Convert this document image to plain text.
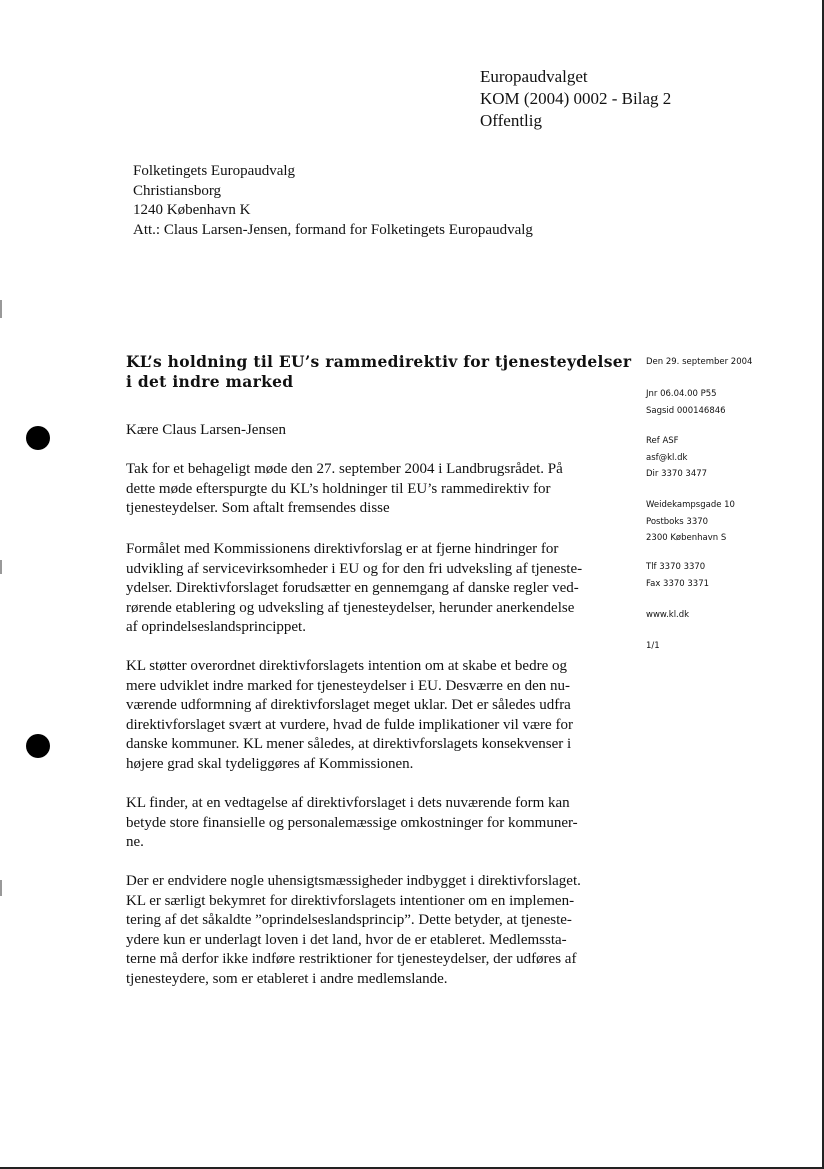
Europaudvalget
KOM (2004) 0002 - Bilag 2
Offentlig
Folketingets Europaudvalg
Christiansborg
1240 København K
Att.: Claus Larsen-Jensen, formand for Folketingets Europaudvalg
KL’s holdning til EU’s rammedirektiv for tjenesteydelser
i det indre marked
Kære Claus Larsen-Jensen
Tak for et behageligt møde den 27. september 2004 i Landbrugsrådet. På
dette møde efterspurgte du KL’s holdninger til EU’s rammedirektiv for
tjenesteydelser. Som aftalt fremsendes disse
Formålet med Kommissionens direktivforslag er at fjerne hindringer for
udvikling af servicevirksomheder i EU og for den fri udveksling af tjeneste-
ydelser. Direktivforslaget forudsætter en gennemgang af danske regler ved-
rørende etablering og udveksling af tjenesteydelser, herunder anerkendelse
af oprindelseslandsprincippet.
KL støtter overordnet direktivforslagets intention om at skabe et bedre og
mere udviklet indre marked for tjenesteydelser i EU. Desværre en den nu-
værende udformning af direktivforslaget meget uklar. Det er således udfra
direktivforslaget svært at vurdere, hvad de fulde implikationer vil være for
danske kommuner. KL mener således, at direktivforslagets konsekvenser i
højere grad skal tydeliggøres af Kommissionen.
KL finder, at en vedtagelse af direktivforslaget i dets nuværende form kan
betyde store finansielle og personalemæssige omkostninger for kommuner-
ne.
Der er endvidere nogle uhensigtsmæssigheder indbygget i direktivforslaget.
KL er særligt bekymret for direktivforslagets intentioner om en implemen-
tering af det såkaldte ”oprindelseslandsprincip”. Dette betyder, at tjeneste-
ydere kun er underlagt loven i det land, hvor de er etableret. Medlemssta-
terne må derfor ikke indføre restriktioner for tjenesteydelser, der udføres af
tjenesteydere, som er etableret i andre medlemslande.
Den 29. september 2004
Jnr 06.04.00 P55
Sagsid 000146846
Ref ASF
asf@kl.dk
Dir 3370 3477
Weidekampsgade 10
Postboks 3370
2300 København S
Tlf 3370 3370
Fax 3370 3371
www.kl.dk
1/1
